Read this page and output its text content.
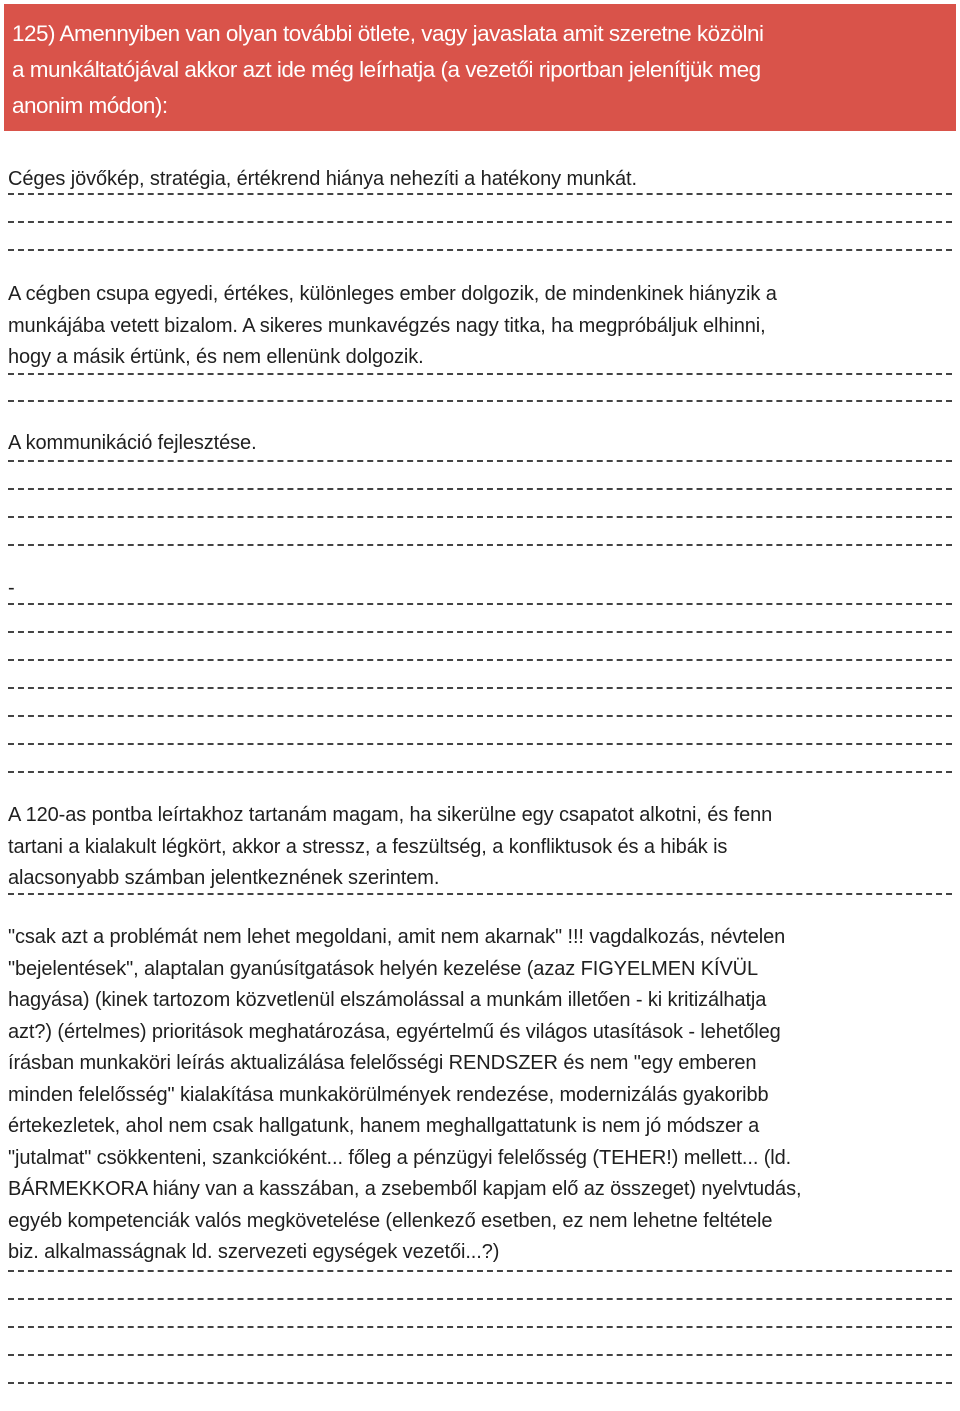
125) Amennyiben van olyan további ötlete, vagy javaslata amit szeretne közölni

a munkáltatójával akkor azt ide még leírhatja (a vezetői riportban jelenítjük meg

anonim módon):

Céges jövőkép, stratégia, értékrend hiánya nehezíti a hatékony munkát.
A cégben csupa egyedi, értékes, különleges ember dolgozik, de mindenkinek hiányzik a
munkájába vetett bizalom. A sikeres munkavégzés nagy titka, ha megpróbáljuk elhinni,
hogy a másik értünk, és nem ellenünk dolgozik.
A kommunikáció fejlesztése.
-
A 120-as pontba leírtakhoz tartanám magam, ha sikerülne egy csapatot alkotni, és fenn
tartani a kialakult légkört, akkor a stressz, a feszültség, a konfliktusok és a hibák is
alacsonyabb számban jelentkeznének szerintem.
"csak azt a problémát nem lehet megoldani, amit nem akarnak" !!! vagdalkozás, névtelen
"bejelentések", alaptalan gyanúsítgatások helyén kezelése (azaz FIGYELMEN KÍVÜL
hagyása) (kinek tartozom közvetlenül elszámolással a munkám illetően - ki kritizálhatja
azt?) (értelmes) prioritások meghatározása, egyértelmű és világos utasítások - lehetőleg
írásban munkaköri leírás aktualizálása felelősségi RENDSZER és nem "egy emberen
minden felelősség" kialakítása munkakörülmények rendezése, modernizálás gyakoribb
értekezletek, ahol nem csak hallgatunk, hanem meghallgattatunk is nem jó módszer a
"jutalmat" csökkenteni, szankcióként... főleg a pénzügyi felelősség (TEHER!) mellett... (ld.
BÁRMEKKORA hiány van a kasszában, a zsebemből kapjam elő az összeget) nyelvtudás,
egyéb kompetenciák valós megkövetelése (ellenkező esetben, ez nem lehetne feltétele
biz. alkalmasságnak ld. szervezeti egységek vezetői...?)
